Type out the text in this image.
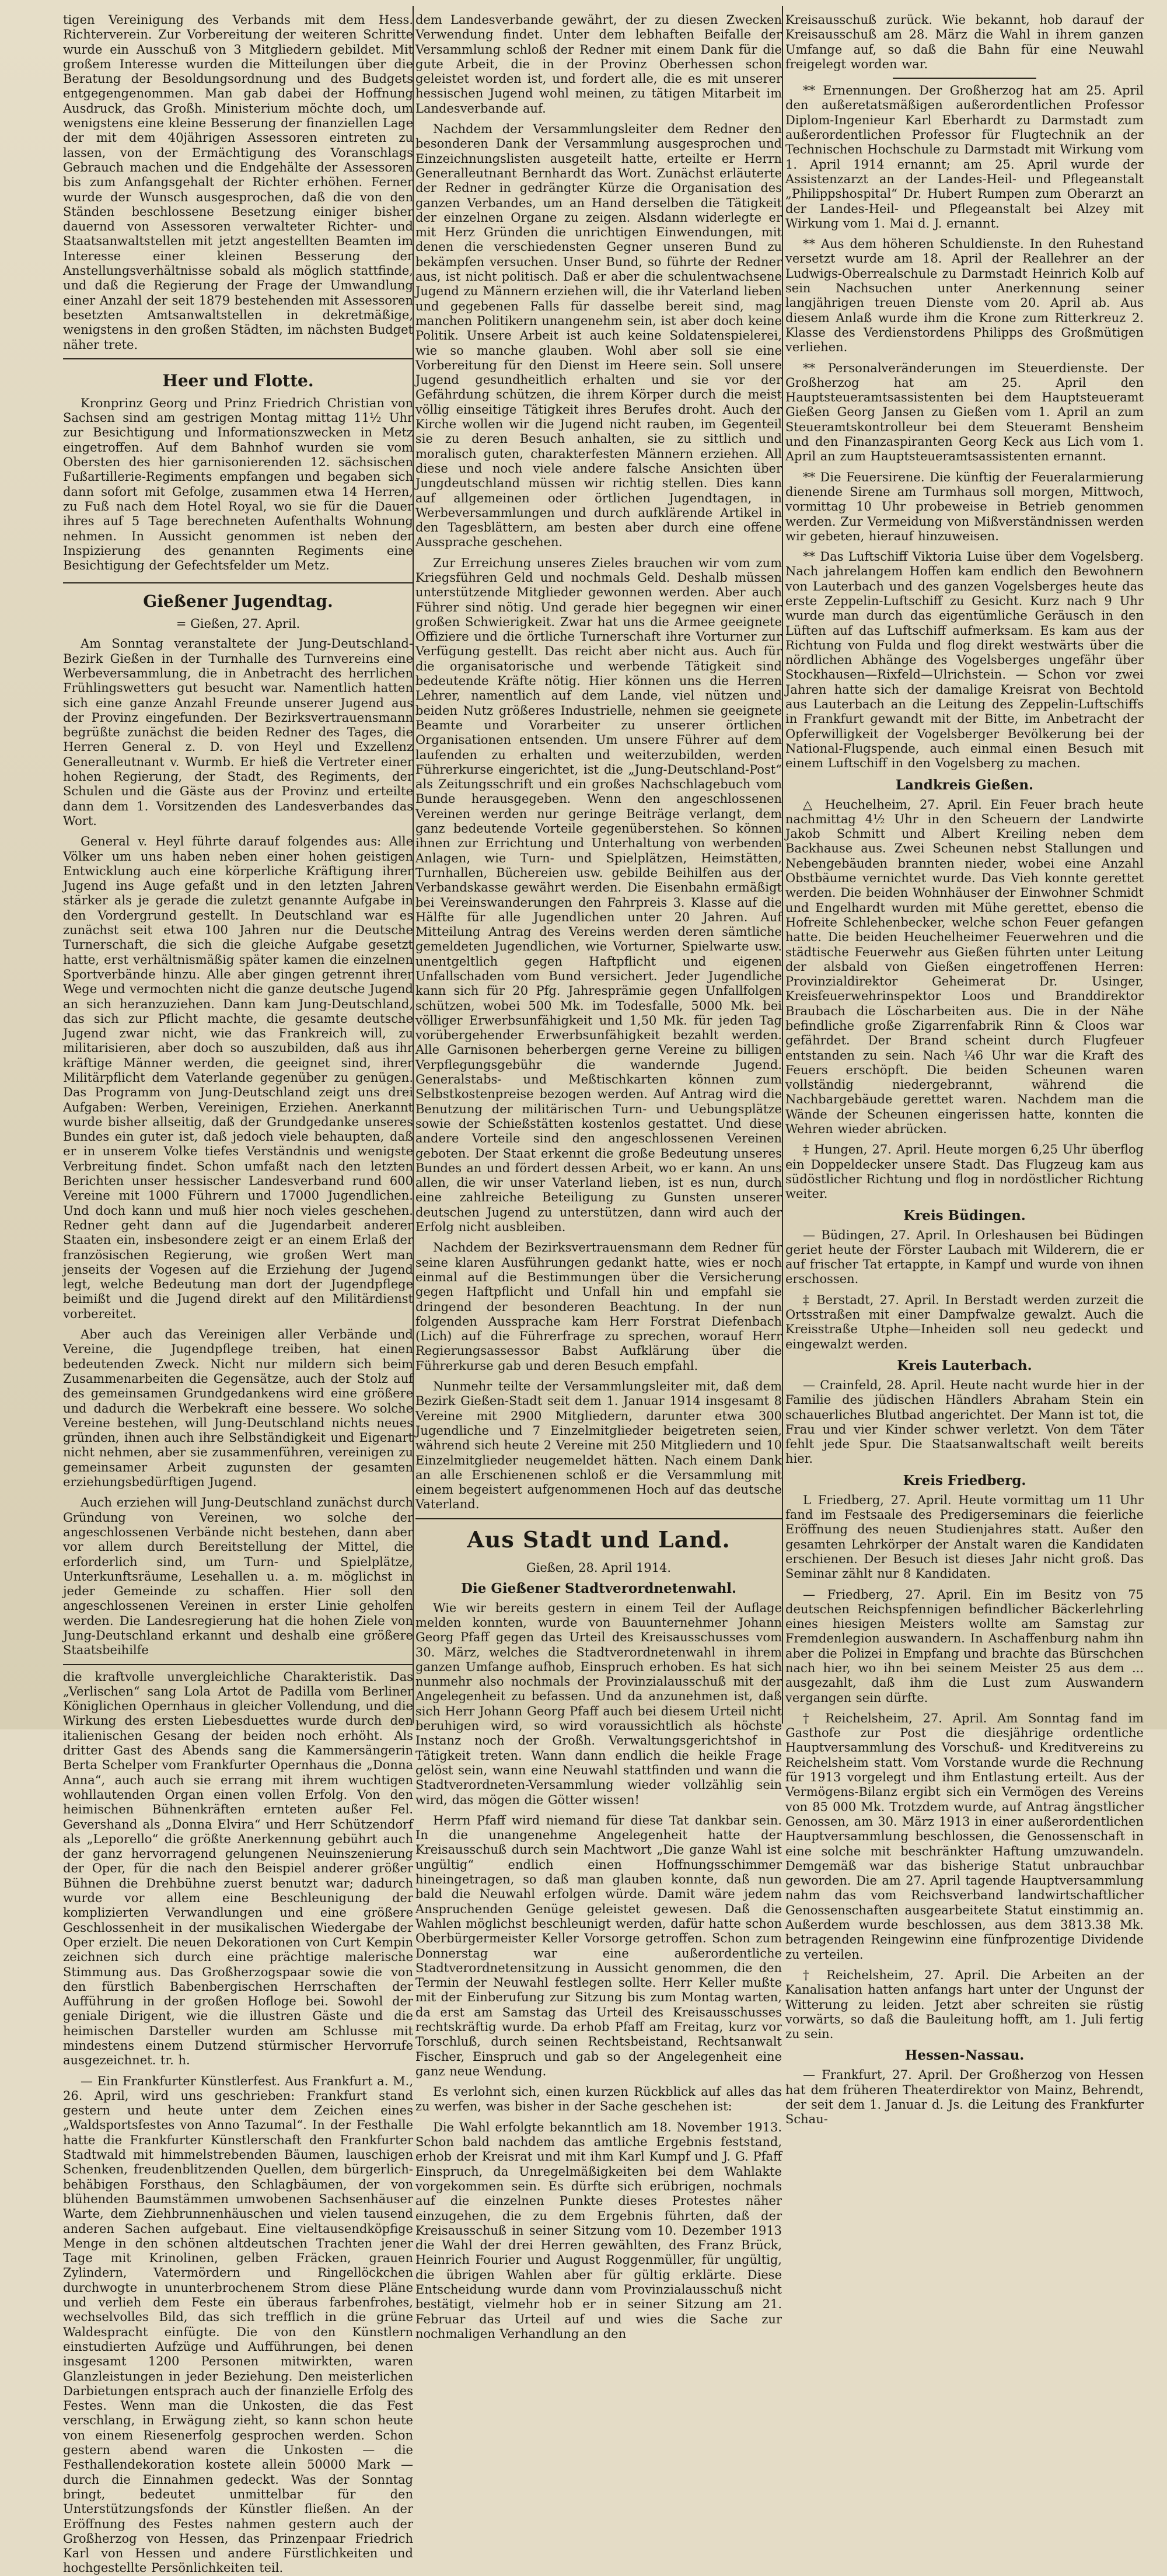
tigen Vereinigung des Verbands mit dem Hess. Richterverein. Zur Vorbereitung der weiteren Schritte wurde ein Ausschuß von 3 Mitgliedern gebildet. Mit großem Interesse wurden die Mitteilungen über die Beratung der Besoldungsordnung und des Budgets entgegengenommen. Man gab dabei der Hoffnung Ausdruck, das Großh. Ministerium möchte doch, um wenigstens eine kleine Besserung der finanziellen Lage der mit dem 40jährigen Assessoren eintreten zu lassen, von der Ermächtigung des Voranschlags Gebrauch machen und die Endgehälte der Assessoren bis zum Anfangsgehalt der Richter erhöhen. Ferner wurde der Wunsch ausgesprochen, daß die von den Ständen beschlossene Besetzung einiger bisher dauernd von Assessoren verwalteter Richter- und Staatsanwaltstellen mit jetzt angestellten Beamten im Interesse einer kleinen Besserung der Anstellungsverhältnisse sobald als möglich stattfinde, und daß die Regierung der Frage der Umwandlung einer Anzahl der seit 1879 bestehenden mit Assessoren besetzten Amtsanwaltstellen in dekretmäßige, wenigstens in den großen Städten, im nächsten Budget näher trete.

Heer und Flotte.

Kronprinz Georg und Prinz Friedrich Christian von Sachsen sind am gestrigen Montag mittag 11½ Uhr zur Besichtigung und Informationszwecken in Metz eingetroffen. Auf dem Bahnhof wurden sie vom Obersten des hier garnisonierenden 12. sächsischen Fußartillerie-Regiments empfangen und begaben sich dann sofort mit Gefolge, zusammen etwa 14 Herren, zu Fuß nach dem Hotel Royal, wo sie für die Dauer ihres auf 5 Tage berechneten Aufenthalts Wohnung nehmen. In Aussicht genommen ist neben der Inspizierung des genannten Regiments eine Besichtigung der Gefechtsfelder um Metz.

Gießener Jugendtag.
= Gießen, 27. April.

Am Sonntag veranstaltete der Jung-Deutschland-Bezirk Gießen in der Turnhalle des Turnvereins eine Werbeversammlung, die in Anbetracht des herrlichen Frühlingswetters gut besucht war. Namentlich hatten sich eine ganze Anzahl Freunde unserer Jugend aus der Provinz eingefunden. Der Bezirksvertrauensmann begrüßte zunächst die beiden Redner des Tages, die Herren General z. D. von Heyl und Exzellenz Generalleutnant v. Wurmb. Er hieß die Vertreter einer hohen Regierung, der Stadt, des Regiments, der Schulen und die Gäste aus der Provinz und erteilte dann dem 1. Vorsitzenden des Landesverbandes das Wort.

General v. Heyl führte darauf folgendes aus: Alle Völker um uns haben neben einer hohen geistigen Entwicklung auch eine körperliche Kräftigung ihrer Jugend ins Auge gefaßt und in den letzten Jahren stärker als je gerade die zuletzt genannte Aufgabe in den Vordergrund gestellt. In Deutschland war es zunächst seit etwa 100 Jahren nur die Deutsche Turnerschaft, die sich die gleiche Aufgabe gesetzt hatte, erst verhältnismäßig später kamen die einzelnen Sportverbände hinzu. Alle aber gingen getrennt ihrer Wege und vermochten nicht die ganze deutsche Jugend an sich heranzuziehen. Dann kam Jung-Deutschland, das sich zur Pflicht machte, die gesamte deutsche Jugend zwar nicht, wie das Frankreich will, zu militarisieren, aber doch so auszubilden, daß aus ihr kräftige Männer werden, die geeignet sind, ihrer Militärpflicht dem Vaterlande gegenüber zu genügen. Das Programm von Jung-Deutschland zeigt uns drei Aufgaben: Werben, Vereinigen, Erziehen. Anerkannt wurde bisher allseitig, daß der Grundgedanke unseres Bundes ein guter ist, daß jedoch viele behaupten, daß er in unserem Volke tiefes Verständnis und wenigste Verbreitung findet. Schon umfaßt nach den letzten Berichten unser hessischer Landesverband rund 600 Vereine mit 1000 Führern und 17000 Jugendlichen. Und doch kann und muß hier noch vieles geschehen. Redner geht dann auf die Jugendarbeit anderer Staaten ein, insbesondere zeigt er an einem Erlaß der französischen Regierung, wie großen Wert man jenseits der Vogesen auf die Erziehung der Jugend legt, welche Bedeutung man dort der Jugendpflege beimißt und die Jugend direkt auf den Militärdienst vorbereitet.

Aber auch das Vereinigen aller Verbände und Vereine, die Jugendpflege treiben, hat einen bedeutenden Zweck. Nicht nur mildern sich beim Zusammenarbeiten die Gegensätze, auch der Stolz auf des gemeinsamen Grundgedankens wird eine größere und dadurch die Werbekraft eine bessere. Wo solche Vereine bestehen, will Jung-Deutschland nichts neues gründen, ihnen auch ihre Selbständigkeit und Eigenart nicht nehmen, aber sie zusammenführen, vereinigen zu gemeinsamer Arbeit zugunsten der gesamten erziehungsbedürftigen Jugend.

Auch erziehen will Jung-Deutschland zunächst durch Gründung von Vereinen, wo solche der angeschlossenen Verbände nicht bestehen, dann aber vor allem durch Bereitstellung der Mittel, die erforderlich sind, um Turn- und Spielplätze, Unterkunftsräume, Lesehallen u. a. m. möglichst in jeder Gemeinde zu schaffen. Hier soll den angeschlossenen Vereinen in erster Linie geholfen werden. Die Landesregierung hat die hohen Ziele von Jung-Deutschland erkannt und deshalb eine größere Staatsbeihilfe

die kraftvolle unvergleichliche Charakteristik. Das „Verlischen“ sang Lola Artot de Padilla vom Berliner Königlichen Opernhaus in gleicher Vollendung, und die Wirkung des ersten Liebesduettes wurde durch den italienischen Gesang der beiden noch erhöht. Als dritter Gast des Abends sang die Kammersängerin Berta Schelper vom Frankfurter Opernhaus die „Donna Anna“, auch auch sie errang mit ihrem wuchtigen wohllautenden Organ einen vollen Erfolg. Von den heimischen Bühnenkräften ernteten außer Fel. Gevershand als „Donna Elvira“ und Herr Schützendorf als „Leporello“ die größte Anerkennung gebührt auch der ganz hervorragend gelungenen Neuinszenierung der Oper, für die nach den Beispiel anderer größer Bühnen die Drehbühne zuerst benutzt war; dadurch wurde vor allem eine Beschleunigung der komplizierten Verwandlungen und eine größere Geschlossenheit in der musikalischen Wiedergabe der Oper erzielt. Die neuen Dekorationen von Curt Kempin zeichnen sich durch eine prächtige malerische Stimmung aus. Das Großherzogspaar sowie die von den fürstlich Babenbergischen Herrschaften der Aufführung in der großen Hofloge bei. Sowohl der geniale Dirigent, wie die illustren Gäste und die heimischen Darsteller wurden am Schlusse mit mindestens einem Dutzend stürmischer Hervorrufe ausgezeichnet. tr. h.

— Ein Frankfurter Künstlerfest. Aus Frankfurt a. M., 26. April, wird uns geschrieben: Frankfurt stand gestern und heute unter dem Zeichen eines „Waldsportsfestes von Anno Tazumal“. In der Festhalle hatte die Frankfurter Künstlerschaft den Frankfurter Stadtwald mit himmelstrebenden Bäumen, lauschigen Schenken, freudenblitzenden Quellen, dem bürgerlich-behäbigen Forsthaus, den Schlagbäumen, der von blühenden Baumstämmen umwobenen Sachsenhäuser Warte, dem Ziehbrunnenhäuschen und vielen tausend anderen Sachen aufgebaut. Eine vieltausendköpfige Menge in den schönen altdeutschen Trachten jener Tage mit Krinolinen, gelben Fräcken, grauen Zylindern, Vatermördern und Ringellöckchen durchwogte in ununterbrochenem Strom diese Pläne und verlieh dem Feste ein überaus farbenfrohes, wechselvolles Bild, das sich trefflich in die grüne Waldespracht einfügte. Die von den Künstlern einstudierten Aufzüge und Aufführungen, bei denen insgesamt 1200 Personen mitwirkten, waren Glanzleistungen in jeder Beziehung. Den meisterlichen Darbietungen entsprach auch der finanzielle Erfolg des Festes. Wenn man die Unkosten, die das Fest verschlang, in Erwägung zieht, so kann schon heute von einem Riesenerfolg gesprochen werden. Schon gestern abend waren die Unkosten — die Festhallendekoration kostete allein 50000 Mark — durch die Einnahmen gedeckt. Was der Sonntag bringt, bedeutet unmittelbar für den Unterstützungsfonds der Künstler fließen. An der Eröffnung des Festes nahmen gestern auch der Großherzog von Hessen, das Prinzenpaar Friedrich Karl von Hessen und andere Fürstlichkeiten und hochgestellte Persönlichkeiten teil.

dem Landesverbande gewährt, der zu diesen Zwecken Verwendung findet. Unter dem lebhaften Beifalle der Versammlung schloß der Redner mit einem Dank für die gute Arbeit, die in der Provinz Oberhessen schon geleistet worden ist, und fordert alle, die es mit unserer hessischen Jugend wohl meinen, zu tätigen Mitarbeit im Landesverbande auf.

Nachdem der Versammlungsleiter dem Redner den besonderen Dank der Versammlung ausgesprochen und Einzeichnungslisten ausgeteilt hatte, erteilte er Herrn Generalleutnant Bernhardt das Wort. Zunächst erläuterte der Redner in gedrängter Kürze die Organisation des ganzen Verbandes, um an Hand derselben die Tätigkeit der einzelnen Organe zu zeigen. Alsdann widerlegte er mit Herz Gründen die unrichtigen Einwendungen, mit denen die verschiedensten Gegner unseren Bund zu bekämpfen versuchen. Unser Bund, so führte der Redner aus, ist nicht politisch. Daß er aber die schulentwachsene Jugend zu Männern erziehen will, die ihr Vaterland lieben und gegebenen Falls für dasselbe bereit sind, mag manchen Politikern unangenehm sein, ist aber doch keine Politik. Unsere Arbeit ist auch keine Soldatenspielerei, wie so manche glauben. Wohl aber soll sie eine Vorbereitung für den Dienst im Heere sein. Soll unsere Jugend gesundheitlich erhalten und sie vor der Gefährdung schützen, die ihrem Körper durch die meist völlig einseitige Tätigkeit ihres Berufes droht. Auch der Kirche wollen wir die Jugend nicht rauben, im Gegenteil sie zu deren Besuch anhalten, sie zu sittlich und moralisch guten, charakterfesten Männern erziehen. All diese und noch viele andere falsche Ansichten über Jungdeutschland müssen wir richtig stellen. Dies kann auf allgemeinen oder örtlichen Jugendtagen, in Werbeversammlungen und durch aufklärende Artikel in den Tagesblättern, am besten aber durch eine offene Aussprache geschehen.

Zur Erreichung unseres Zieles brauchen wir vom zum Kriegsführen Geld und nochmals Geld. Deshalb müssen unterstützende Mitglieder gewonnen werden. Aber auch Führer sind nötig. Und gerade hier begegnen wir einer großen Schwierigkeit. Zwar hat uns die Armee geeignete Offiziere und die örtliche Turnerschaft ihre Vorturner zur Verfügung gestellt. Das reicht aber nicht aus. Auch für die organisatorische und werbende Tätigkeit sind bedeutende Kräfte nötig. Hier können uns die Herren Lehrer, namentlich auf dem Lande, viel nützen und beiden Nutz größeres Industrielle, nehmen sie geeignete Beamte und Vorarbeiter zu unserer örtlichen Organisationen entsenden. Um unsere Führer auf dem laufenden zu erhalten und weiterzubilden, werden Führerkurse eingerichtet, ist die „Jung-Deutschland-Post“ als Zeitungsschrift und ein großes Nachschlagebuch vom Bunde herausgegeben. Wenn den angeschlossenen Vereinen werden nur geringe Beiträge verlangt, dem ganz bedeutende Vorteile gegenüberstehen. So können ihnen zur Errichtung und Unterhaltung von werbenden Anlagen, wie Turn- und Spielplätzen, Heimstätten, Turnhallen, Büchereien usw. gebilde Beihilfen aus der Verbandskasse gewährt werden. Die Eisenbahn ermäßigt bei Vereinswanderungen den Fahrpreis 3. Klasse auf die Hälfte für alle Jugendlichen unter 20 Jahren. Auf Mitteilung Antrag des Vereins werden deren sämtliche gemeldeten Jugendlichen, wie Vorturner, Spielwarte usw. unentgeltlich gegen Haftpflicht und eigenen Unfallschaden vom Bund versichert. Jeder Jugendliche kann sich für 20 Pfg. Jahresprämie gegen Unfallfolgen schützen, wobei 500 Mk. im Todesfalle, 5000 Mk. bei völliger Erwerbsunfähigkeit und 1,50 Mk. für jeden Tag vorübergehender Erwerbsunfähigkeit bezahlt werden. Alle Garnisonen beherbergen gerne Vereine zu billigen Verpflegungsgebühr die wandernde Jugend. Generalstabs- und Meßtischkarten können zum Selbstkostenpreise bezogen werden. Auf Antrag wird die Benutzung der militärischen Turn- und Uebungsplätze sowie der Schießstätten kostenlos gestattet. Und diese andere Vorteile sind den angeschlossenen Vereinen geboten. Der Staat erkennt die große Bedeutung unseres Bundes an und fördert dessen Arbeit, wo er kann. An uns allen, die wir unser Vaterland lieben, ist es nun, durch eine zahlreiche Beteiligung zu Gunsten unserer deutschen Jugend zu unterstützen, dann wird auch der Erfolg nicht ausbleiben.

Nachdem der Bezirksvertrauensmann dem Redner für seine klaren Ausführungen gedankt hatte, wies er noch einmal auf die Bestimmungen über die Versicherung gegen Haftpflicht und Unfall hin und empfahl sie dringend der besonderen Beachtung. In der nun folgenden Aussprache kam Herr Forstrat Diefenbach (Lich) auf die Führerfrage zu sprechen, worauf Herr Regierungsassessor Babst Aufklärung über die Führerkurse gab und deren Besuch empfahl.

Nunmehr teilte der Versammlungsleiter mit, daß dem Bezirk Gießen-Stadt seit dem 1. Januar 1914 insgesamt 8 Vereine mit 2900 Mitgliedern, darunter etwa 300 Jugendliche und 7 Einzelmitglieder beigetreten seien, während sich heute 2 Vereine mit 250 Mitgliedern und 10 Einzelmitglieder neugemeldet hätten. Nach einem Dank an alle Erschienenen schloß er die Versammlung mit einem begeistert aufgenommenen Hoch auf das deutsche Vaterland.

Aus Stadt und Land.
Gießen, 28. April 1914.
Die Gießener Stadtverordnetenwahl.

Wie wir bereits gestern in einem Teil der Auflage melden konnten, wurde von Bauunternehmer Johann Georg Pfaff gegen das Urteil des Kreisausschusses vom 30. März, welches die Stadtverordnetenwahl in ihrem ganzen Umfange aufhob, Einspruch erhoben. Es hat sich nunmehr also nochmals der Provinzialausschuß mit der Angelegenheit zu befassen. Und da anzunehmen ist, daß sich Herr Johann Georg Pfaff auch bei diesem Urteil nicht beruhigen wird, so wird voraussichtlich als höchste Instanz noch der Großh. Verwaltungsgerichtshof in Tätigkeit treten. Wann dann endlich die heikle Frage gelöst sein, wann eine Neuwahl stattfinden und wann die Stadtverordneten-Versammlung wieder vollzählig sein wird, das mögen die Götter wissen!

Herrn Pfaff wird niemand für diese Tat dankbar sein. In die unangenehme Angelegenheit hatte der Kreisausschuß durch sein Machtwort „Die ganze Wahl ist ungültig“ endlich einen Hoffnungsschimmer hineingetragen, so daß man glauben konnte, daß nun bald die Neuwahl erfolgen würde. Damit wäre jedem Anspruchenden Genüge geleistet gewesen. Daß die Wahlen möglichst beschleunigt werden, dafür hatte schon Oberbürgermeister Keller Vorsorge getroffen. Schon zum Donnerstag war eine außerordentliche Stadtverordnetensitzung in Aussicht genommen, die den Termin der Neuwahl festlegen sollte. Herr Keller mußte mit der Einberufung zur Sitzung bis zum Montag warten, da erst am Samstag das Urteil des Kreisausschusses rechtskräftig wurde. Da erhob Pfaff am Freitag, kurz vor Torschluß, durch seinen Rechtsbeistand, Rechtsanwalt Fischer, Einspruch und gab so der Angelegenheit eine ganz neue Wendung.

Es verlohnt sich, einen kurzen Rückblick auf alles das zu werfen, was bisher in der Sache geschehen ist:

Die Wahl erfolgte bekanntlich am 18. November 1913. Schon bald nachdem das amtliche Ergebnis feststand, erhob der Kreisrat und mit ihm Karl Kumpf und J. G. Pfaff Einspruch, da Unregelmäßigkeiten bei dem Wahlakte vorgekommen sein. Es dürfte sich erübrigen, nochmals auf die einzelnen Punkte dieses Protestes näher einzugehen, die zu dem Ergebnis führten, daß der Kreisausschuß in seiner Sitzung vom 10. Dezember 1913 die Wahl der drei Herren gewählten, des Franz Brück, Heinrich Fourier und August Roggenmüller, für ungültig, die übrigen Wahlen aber für gültig erklärte. Diese Entscheidung wurde dann vom Provinzialausschuß nicht bestätigt, vielmehr hob er in seiner Sitzung am 21. Februar das Urteil auf und wies die Sache zur nochmaligen Verhandlung an den

Kreisausschuß zurück. Wie bekannt, hob darauf der Kreisausschuß am 28. März die Wahl in ihrem ganzen Umfange auf, so daß die Bahn für eine Neuwahl freigelegt worden war.

** Ernennungen. Der Großherzog hat am 25. April den außeretatsmäßigen außerordentlichen Professor Diplom-Ingenieur Karl Eberhardt zu Darmstadt zum außerordentlichen Professor für Flugtechnik an der Technischen Hochschule zu Darmstadt mit Wirkung vom 1. April 1914 ernannt; am 25. April wurde der Assistenzarzt an der Landes-Heil- und Pflegeanstalt „Philippshospital“ Dr. Hubert Rumpen zum Oberarzt an der Landes-Heil- und Pflegeanstalt bei Alzey mit Wirkung vom 1. Mai d. J. ernannt.

** Aus dem höheren Schuldienste. In den Ruhestand versetzt wurde am 18. April der Reallehrer an der Ludwigs-Oberrealschule zu Darmstadt Heinrich Kolb auf sein Nachsuchen unter Anerkennung seiner langjährigen treuen Dienste vom 20. April ab. Aus diesem Anlaß wurde ihm die Krone zum Ritterkreuz 2. Klasse des Verdienstordens Philipps des Großmütigen verliehen.

** Personalveränderungen im Steuerdienste. Der Großherzog hat am 25. April den Hauptsteueramtsassistenten bei dem Hauptsteueramt Gießen Georg Jansen zu Gießen vom 1. April an zum Steueramtskontrolleur bei dem Steueramt Bensheim und den Finanzaspiranten Georg Keck aus Lich vom 1. April an zum Hauptsteueramtsassistenten ernannt.

** Die Feuersirene. Die künftig der Feueralarmierung dienende Sirene am Turmhaus soll morgen, Mittwoch, vormittag 10 Uhr probeweise in Betrieb genommen werden. Zur Vermeidung von Mißverständnissen werden wir gebeten, hierauf hinzuweisen.

** Das Luftschiff Viktoria Luise über dem Vogelsberg. Nach jahrelangem Hoffen kam endlich den Bewohnern von Lauterbach und des ganzen Vogelsberges heute das erste Zeppelin-Luftschiff zu Gesicht. Kurz nach 9 Uhr wurde man durch das eigentümliche Geräusch in den Lüften auf das Luftschiff aufmerksam. Es kam aus der Richtung von Fulda und flog direkt westwärts über die nördlichen Abhänge des Vogelsberges ungefähr über Stockhausen—Rixfeld—Ulrichstein. — Schon vor zwei Jahren hatte sich der damalige Kreisrat von Bechtold aus Lauterbach an die Leitung des Zeppelin-Luftschiffs in Frankfurt gewandt mit der Bitte, im Anbetracht der Opferwilligkeit der Vogelsberger Bevölkerung bei der National-Flugspende, auch einmal einen Besuch mit einem Luftschiff in den Vogelsberg zu machen.

Landkreis Gießen.

△ Heuchelheim, 27. April. Ein Feuer brach heute nachmittag 4½ Uhr in den Scheuern der Landwirte Jakob Schmitt und Albert Kreiling neben dem Backhause aus. Zwei Scheunen nebst Stallungen und Nebengebäuden brannten nieder, wobei eine Anzahl Obstbäume vernichtet wurde. Das Vieh konnte gerettet werden. Die beiden Wohnhäuser der Einwohner Schmidt und Engelhardt wurden mit Mühe gerettet, ebenso die Hofreite Schlehenbecker, welche schon Feuer gefangen hatte. Die beiden Heuchelheimer Feuerwehren und die städtische Feuerwehr aus Gießen führten unter Leitung der alsbald von Gießen eingetroffenen Herren: Provinzialdirektor Geheimerat Dr. Usinger, Kreisfeuerwehrinspektor Loos und Branddirektor Braubach die Löscharbeiten aus. Die in der Nähe befindliche große Zigarrenfabrik Rinn & Cloos war gefährdet. Der Brand scheint durch Flugfeuer entstanden zu sein. Nach ¼6 Uhr war die Kraft des Feuers erschöpft. Die beiden Scheunen waren vollständig niedergebrannt, während die Nachbargebäude gerettet waren. Nachdem man die Wände der Scheunen eingerissen hatte, konnten die Wehren wieder abrücken.

‡ Hungen, 27. April. Heute morgen 6,25 Uhr überflog ein Doppeldecker unsere Stadt. Das Flugzeug kam aus südöstlicher Richtung und flog in nordöstlicher Richtung weiter.

Kreis Büdingen.

— Büdingen, 27. April. In Orleshausen bei Büdingen geriet heute der Förster Laubach mit Wilderern, die er auf frischer Tat ertappte, in Kampf und wurde von ihnen erschossen.

‡ Berstadt, 27. April. In Berstadt werden zurzeit die Ortsstraßen mit einer Dampfwalze gewalzt. Auch die Kreisstraße Utphe—Inheiden soll neu gedeckt und eingewalzt werden.

Kreis Lauterbach.

— Crainfeld, 28. April. Heute nacht wurde hier in der Familie des jüdischen Händlers Abraham Stein ein schauerliches Blutbad angerichtet. Der Mann ist tot, die Frau und vier Kinder schwer verletzt. Von dem Täter fehlt jede Spur. Die Staatsanwaltschaft weilt bereits hier.

Kreis Friedberg.

L Friedberg, 27. April. Heute vormittag um 11 Uhr fand im Festsaale des Predigerseminars die feierliche Eröffnung des neuen Studienjahres statt. Außer den gesamten Lehrkörper der Anstalt waren die Kandidaten erschienen. Der Besuch ist dieses Jahr nicht groß. Das Seminar zählt nur 8 Kandidaten.

— Friedberg, 27. April. Ein im Besitz von 75 deutschen Reichspfennigen befindlicher Bäckerlehrling eines hiesigen Meisters wollte am Samstag zur Fremdenlegion auswandern. In Aschaffenburg nahm ihn aber die Polizei in Empfang und brachte das Bürschchen nach hier, wo ihn bei seinem Meister 25 aus dem ... ausgezahlt, daß ihm die Lust zum Auswandern vergangen sein dürfte.

† Reichelsheim, 27. April. Am Sonntag fand im Gasthofe zur Post die diesjährige ordentliche Hauptversammlung des Vorschuß- und Kreditvereins zu Reichelsheim statt. Vom Vorstande wurde die Rechnung für 1913 vorgelegt und ihm Entlastung erteilt. Aus der Vermögens-Bilanz ergibt sich ein Vermögen des Vereins von 85 000 Mk. Trotzdem wurde, auf Antrag ängstlicher Genossen, am 30. März 1913 in einer außerordentlichen Hauptversammlung beschlossen, die Genossenschaft in eine solche mit beschränkter Haftung umzuwandeln. Demgemäß war das bisherige Statut unbrauchbar geworden. Die am 27. April tagende Hauptversammlung nahm das vom Reichsverband landwirtschaftlicher Genossenschaften ausgearbeitete Statut einstimmig an. Außerdem wurde beschlossen, aus dem 3813.38 Mk. betragenden Reingewinn eine fünfprozentige Dividende zu verteilen.

† Reichelsheim, 27. April. Die Arbeiten an der Kanalisation hatten anfangs hart unter der Ungunst der Witterung zu leiden. Jetzt aber schreiten sie rüstig vorwärts, so daß die Bauleitung hofft, am 1. Juli fertig zu sein.

Hessen-Nassau.

— Frankfurt, 27. April. Der Großherzog von Hessen hat dem früheren Theaterdirektor von Mainz, Behrendt, der seit dem 1. Januar d. Js. die Leitung des Frankfurter Schau-
